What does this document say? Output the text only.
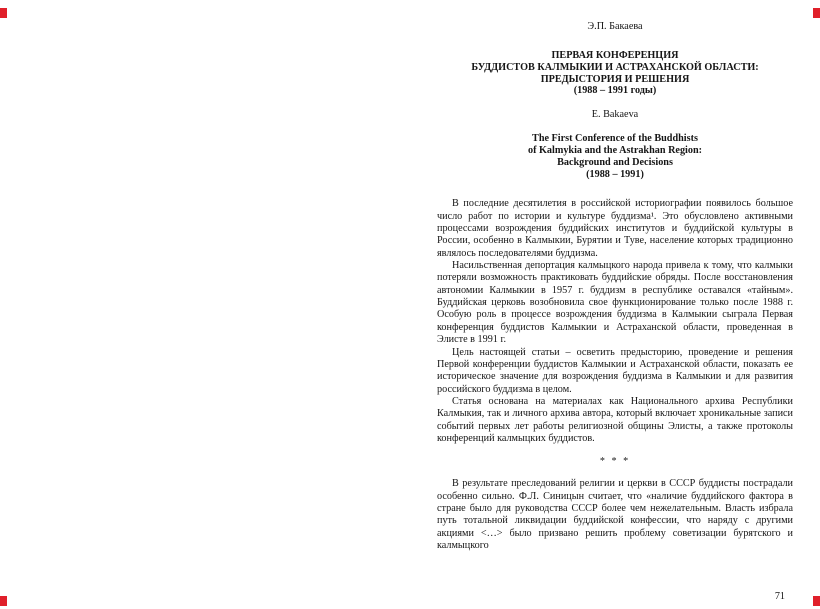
Э.П. Бакаева
ПЕРВАЯ КОНФЕРЕНЦИЯ
БУДДИСТОВ КАЛМЫКИИ И АСТРАХАНСКОЙ ОБЛАСТИ:
ПРЕДЫСТОРИЯ И РЕШЕНИЯ
(1988 – 1991 годы)
E. Bakaeva
The First Conference of the Buddhists
of Kalmykia and the Astrakhan Region:
Background and Decisions
(1988 – 1991)

В последние десятилетия в российской историографии появилось большое число работ по истории и культуре буддизма¹. Это обусловлено активными процессами возрождения буддийских институтов и буддийской культуры в России, особенно в Калмыкии, Бурятии и Туве, население которых традиционно являлось последователями буддизма.

Насильственная депортация калмыцкого народа привела к тому, что калмыки потеряли возможность практиковать буддийские обряды. После восстановления автономии Калмыкии в 1957 г. буддизм в республике оставался «тайным». Буддийская церковь возобновила свое функционирование только после 1988 г. Особую роль в процессе возрождения буддизма в Калмыкии сыграла Первая конференция буддистов Калмыкии и Астраханской области, проведенная в Элисте в 1991 г.

Цель настоящей статьи – осветить предысторию, проведение и решения Первой конференции буддистов Калмыкии и Астраханской области, показать ее историческое значение для возрождения буддизма в Калмыкии и для развития российского буддизма в целом.

Статья основана на материалах как Национального архива Республики Калмыкия, так и личного архива автора, который включает хроникальные записи событий первых лет работы религиозной общины Элисты, а также протоколы конференций калмыцких буддистов.

* * *

В результате преследований религии и церкви в СССР буддисты пострадали особенно сильно. Ф.Л. Синицын считает, что «наличие буддийского фактора в стране было для руководства СССР более чем нежелательным. Власть избрала путь тотальной ликвидации буддийской конфессии, что наряду с другими акциями <…> было призвано решить проблему советизации бурятского и калмыцкого

71
